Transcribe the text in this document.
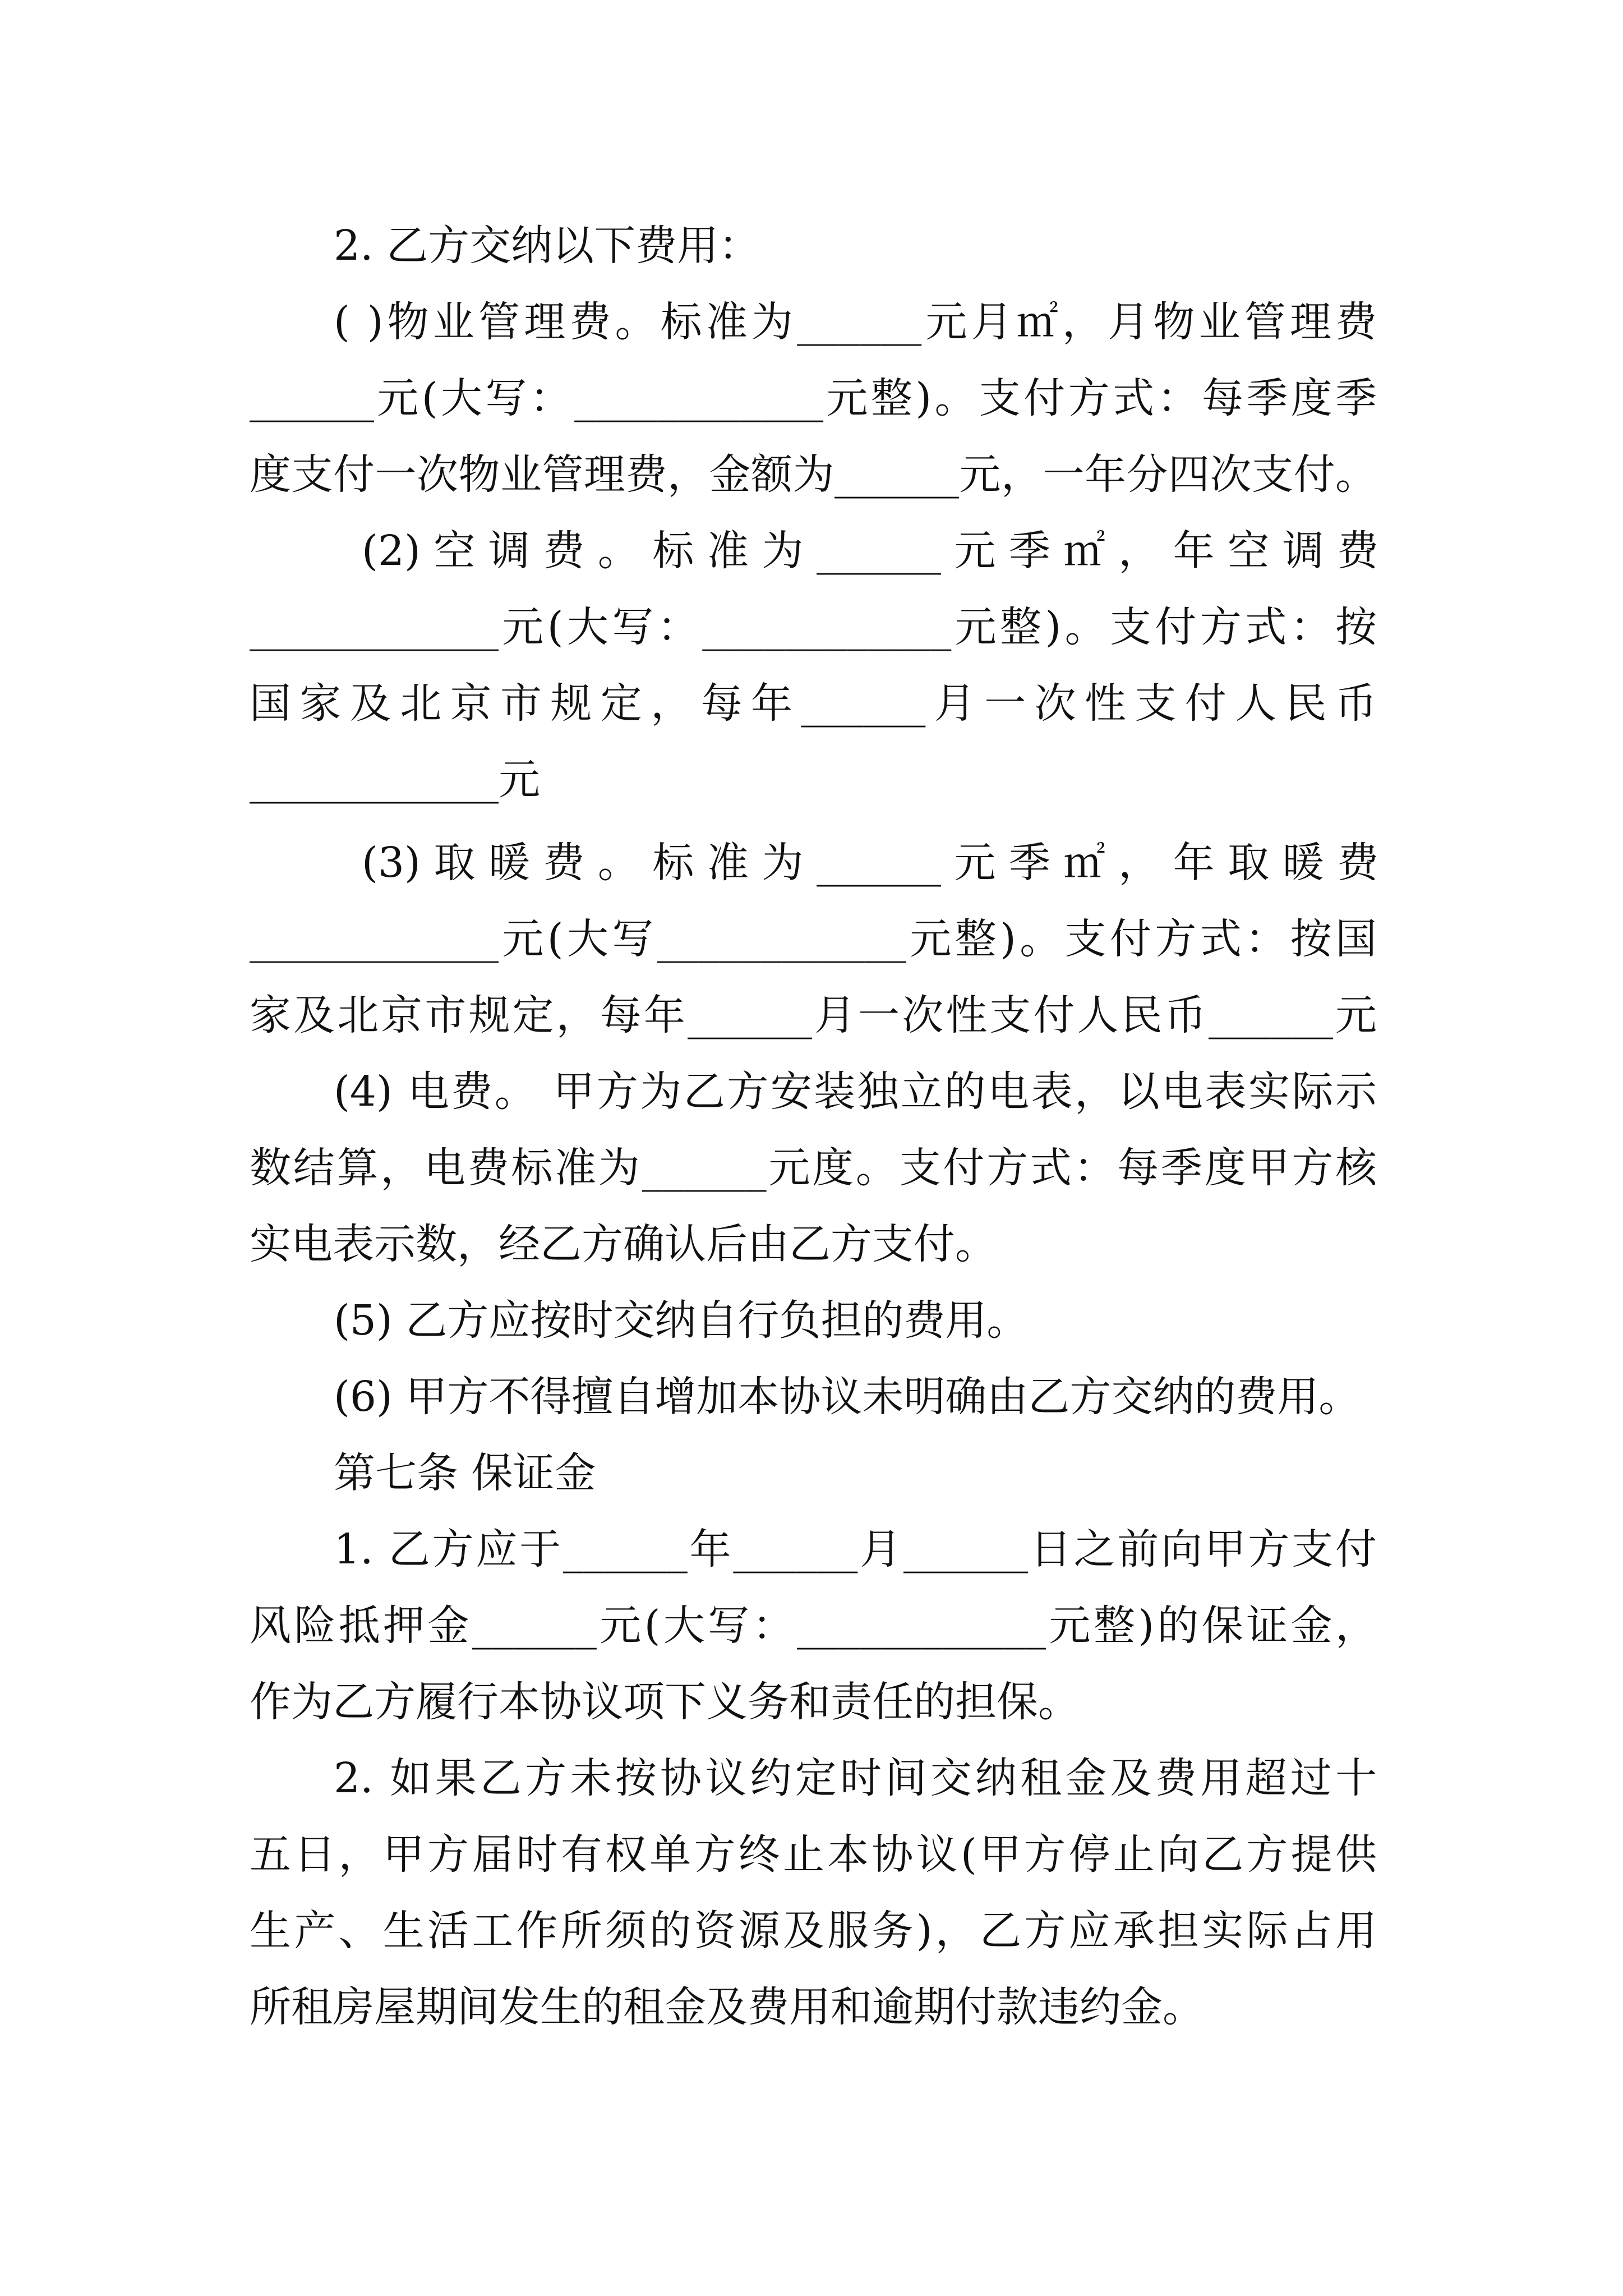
2. 乙方交纳以下费用：
( )物业管理费。标准为______元月㎡，月物业管理费
______元(大写：____________元整)。支付方式：每季度季
度支付一次物业管理费，金额为______元，一年分四次支付。
(2) 空 调 费 。 标 准 为 ______ 元 季 ㎡ ， 年 空 调 费
____________元(大写：____________元整)。支付方式：按
国家及北京市规定，每年______月一次性支付人民币
____________元
(3) 取 暖 费 。 标 准 为 ______ 元 季 ㎡ ， 年 取 暖 费
____________元(大写____________元整)。支付方式：按国
家及北京市规定，每年______月一次性支付人民币______元
(4) 电费。 甲方为乙方安装独立的电表，以电表实际示
数结算，电费标准为______元度。支付方式：每季度甲方核
实电表示数，经乙方确认后由乙方支付。
(5) 乙方应按时交纳自行负担的费用。
(6) 甲方不得擅自增加本协议未明确由乙方交纳的费用。
第七条 保证金
1. 乙方应于______年______月______日之前向甲方支付
风险抵押金______元(大写：____________元整)的保证金，
作为乙方履行本协议项下义务和责任的担保。
2. 如果乙方未按协议约定时间交纳租金及费用超过十
五日，甲方届时有权单方终止本协议(甲方停止向乙方提供
生产、生活工作所须的资源及服务)，乙方应承担实际占用
所租房屋期间发生的租金及费用和逾期付款违约金。
